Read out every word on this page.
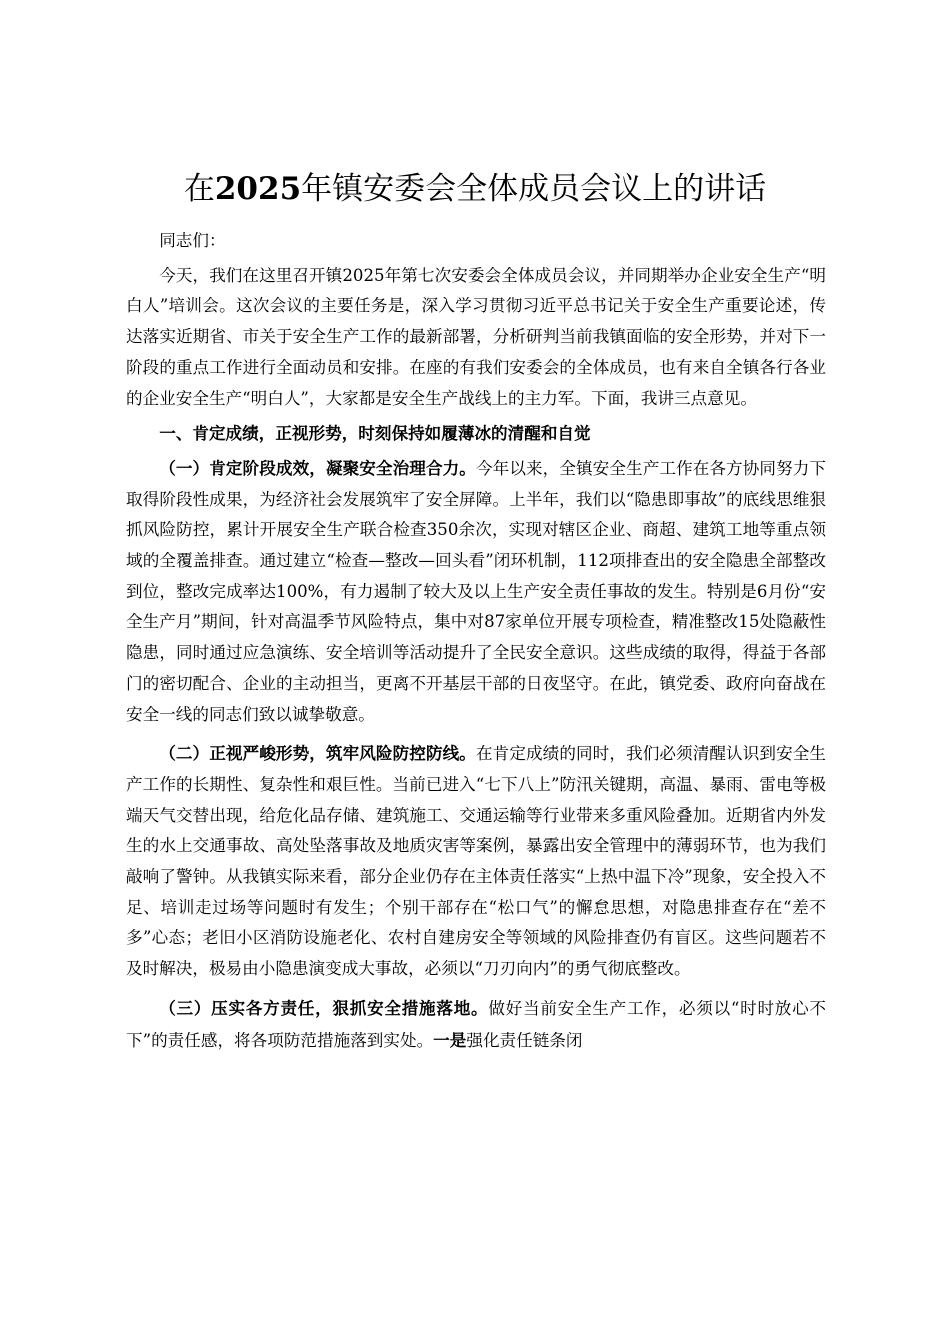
在2025年镇安委会全体成员会议上的讲话

同志们：

今天，我们在这里召开镇2025年第七次安委会全体成员会议，并同期举办企业安全生产“明白人”培训会。这次会议的主要任务是，深入学习贯彻习近平总书记关于安全生产重要论述，传达落实近期省、市关于安全生产工作的最新部署，分析研判当前我镇面临的安全形势，并对下一阶段的重点工作进行全面动员和安排。在座的有我们安委会的全体成员，也有来自全镇各行各业的企业安全生产“明白人”，大家都是安全生产战线上的主力军。下面，我讲三点意见。

一、肯定成绩，正视形势，时刻保持如履薄冰的清醒和自觉

（一）肯定阶段成效，凝聚安全治理合力。今年以来，全镇安全生产工作在各方协同努力下取得阶段性成果，为经济社会发展筑牢了安全屏障。上半年，我们以“隐患即事故”的底线思维狠抓风险防控，累计开展安全生产联合检查350余次，实现对辖区企业、商超、建筑工地等重点领域的全覆盖排查。通过建立“检查—整改—回头看”闭环机制，112项排查出的安全隐患全部整改到位，整改完成率达100%，有力遏制了较大及以上生产安全责任事故的发生。特别是6月份“安全生产月”期间，针对高温季节风险特点，集中对87家单位开展专项检查，精准整改15处隐蔽性隐患，同时通过应急演练、安全培训等活动提升了全民安全意识。这些成绩的取得，得益于各部门的密切配合、企业的主动担当，更离不开基层干部的日夜坚守。在此，镇党委、政府向奋战在安全一线的同志们致以诚挚敬意。

（二）正视严峻形势，筑牢风险防控防线。在肯定成绩的同时，我们必须清醒认识到安全生产工作的长期性、复杂性和艰巨性。当前已进入“七下八上”防汛关键期，高温、暴雨、雷电等极端天气交替出现，给危化品存储、建筑施工、交通运输等行业带来多重风险叠加。近期省内外发生的水上交通事故、高处坠落事故及地质灾害等案例，暴露出安全管理中的薄弱环节，也为我们敲响了警钟。从我镇实际来看，部分企业仍存在主体责任落实“上热中温下冷”现象，安全投入不足、培训走过场等问题时有发生；个别干部存在“松口气”的懈怠思想，对隐患排查存在“差不多”心态；老旧小区消防设施老化、农村自建房安全等领域的风险排查仍有盲区。这些问题若不及时解决，极易由小隐患演变成大事故，必须以“刀刃向内”的勇气彻底整改。

（三）压实各方责任，狠抓安全措施落地。做好当前安全生产工作，必须以“时时放心不下”的责任感，将各项防范措施落到实处。一是强化责任链条闭
